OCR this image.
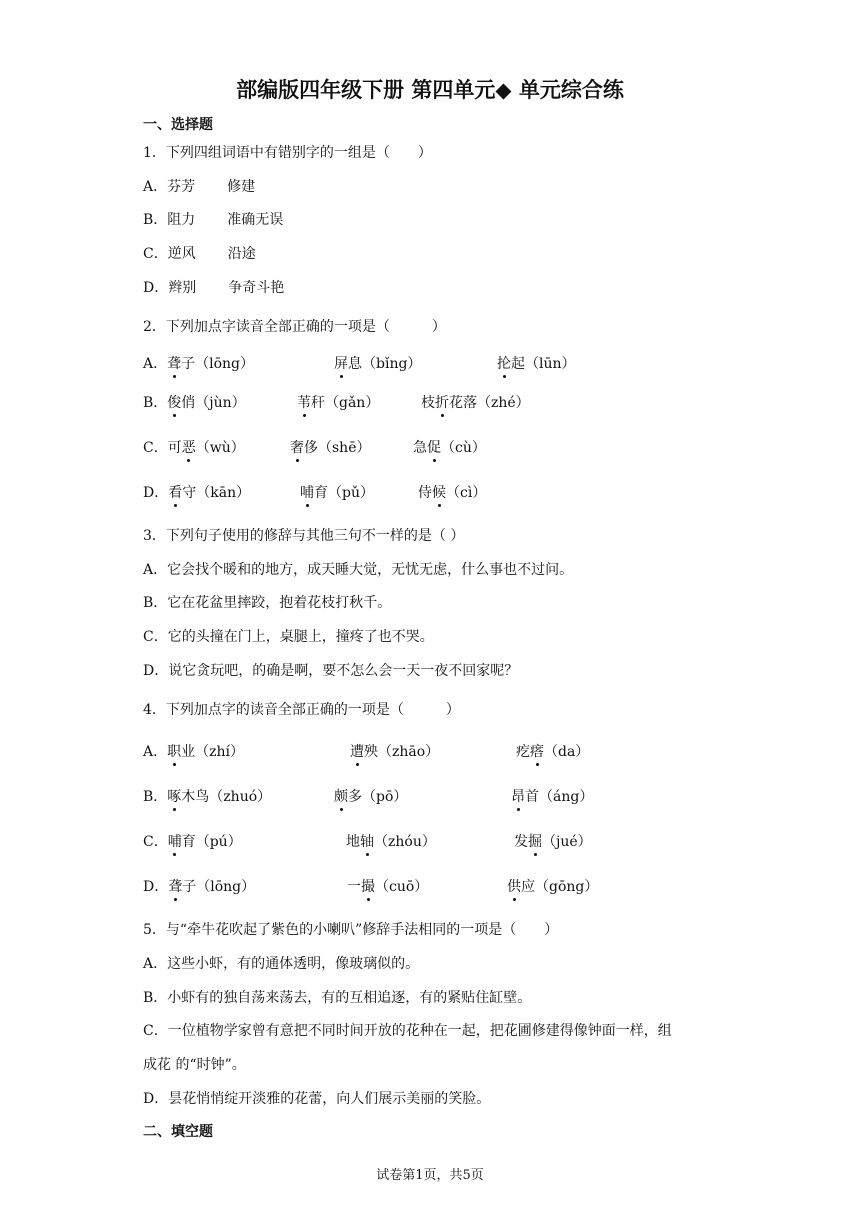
部编版四年级下册 第四单元◆ 单元综合练
一、选择题
1．下列四组词语中有错别字的一组是（　　）
A．芬芳 修建
B．阻力 准确无误
C．逆风 沿途
D．辫别 争奇斗艳
2．下列加点字读音全部正确的一项是（　　　）
A．聋子（lōng）	屏息（bǐng）	抡起（lūn）
B．俊俏（jùn）	苇秆（gǎn）	枝折花落（zhé）
C．可恶（wù）	奢侈（shē）	急促（cù）
D．看守（kān）	哺育（pǔ）	侍候（cì）
3．下列句子使用的修辞与其他三句不一样的是（ ）
A．它会找个暖和的地方，成天睡大觉，无忧无虑，什么事也不过问。
B．它在花盆里摔跤，抱着花枝打秋千。
C．它的头撞在门上，桌腿上，撞疼了也不哭。
D．说它贪玩吧，的确是啊，要不怎么会一天一夜不回家呢？
4．下列加点字的读音全部正确的一项是（　　　）
A．职业（zhí）	遭殃（zhāo）	疙瘩（da）
B．啄木鸟（zhuó）	颇多（pō）	昂首（áng）
C．哺育（pú）	地轴（zhóu）	发掘（jué）
D．聋子（lōng）	一撮（cuō）	供应（gōng）
5．与“牵牛花吹起了紫色的小喇叭”修辞手法相同的一项是（　　）
A．这些小虾，有的通体透明，像玻璃似的。
B．小虾有的独自荡来荡去，有的互相追逐，有的紧贴住缸壁。
C．一位植物学家曾有意把不同时间开放的花种在一起，把花圃修建得像钟面一样，组
成花 的“时钟”。
D．昙花悄悄绽开淡雅的花蕾，向人们展示美丽的笑脸。
二、填空题
试卷第1页，共5页
